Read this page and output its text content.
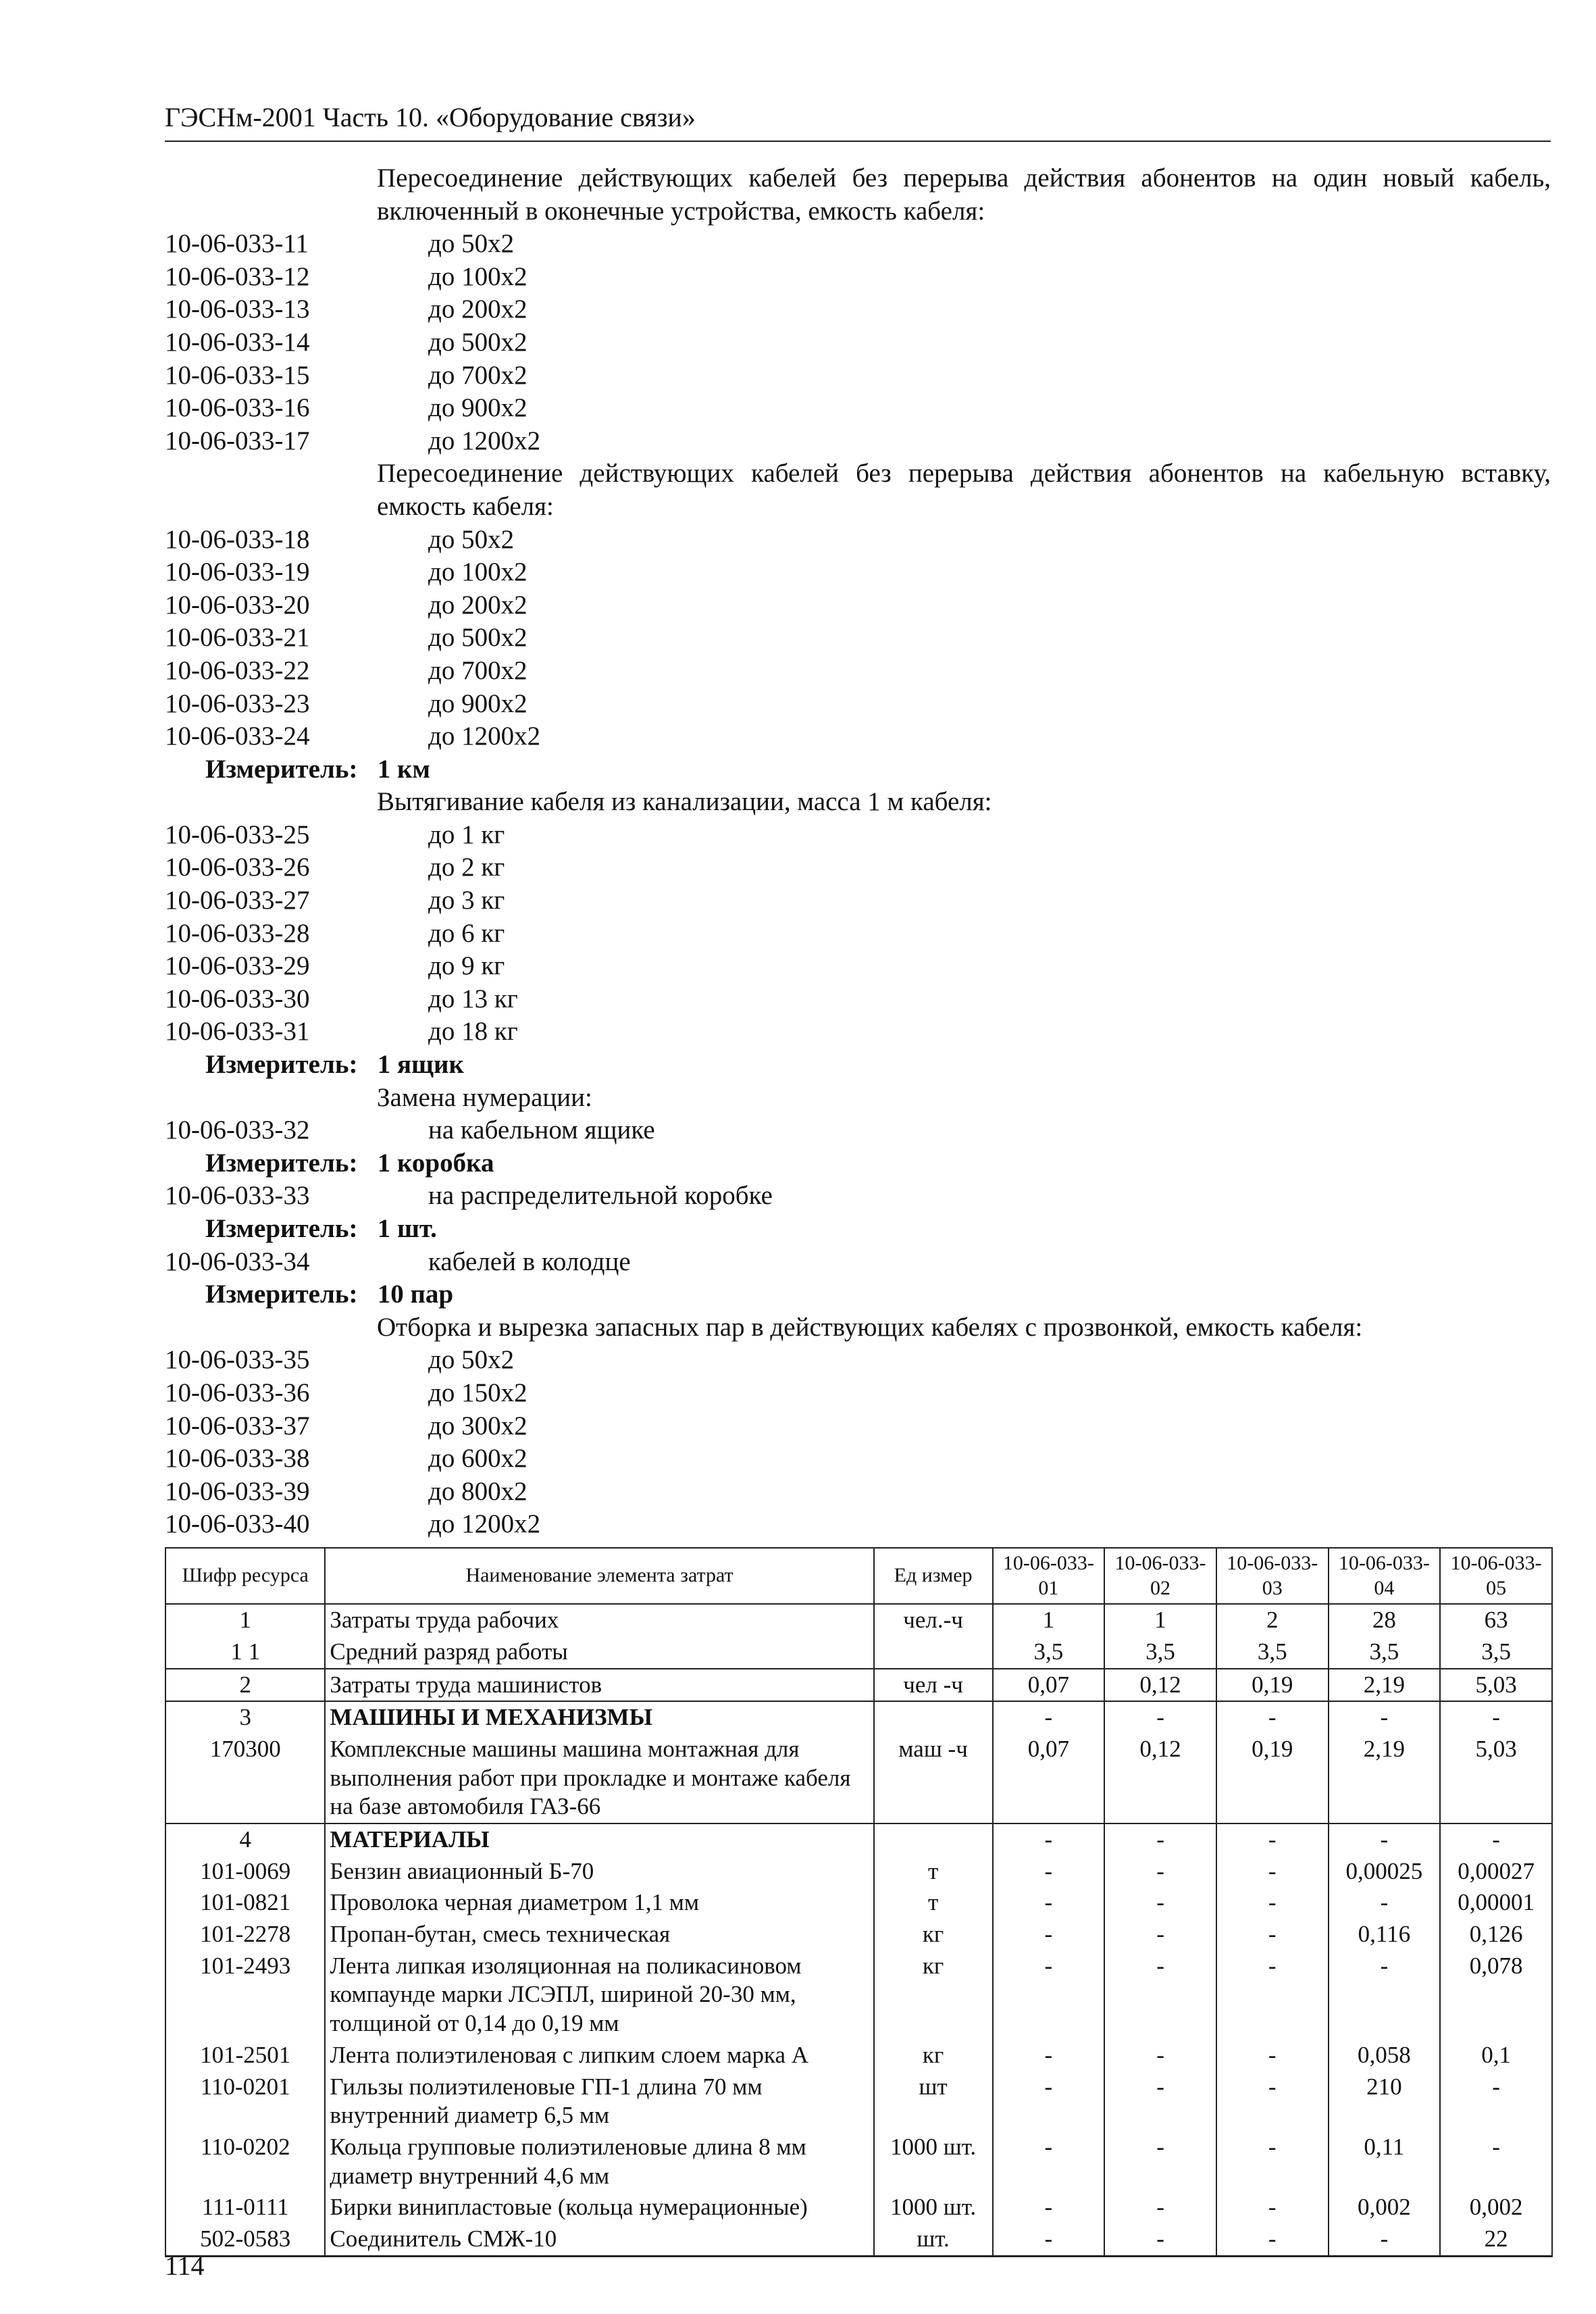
ГЭСНм-2001 Часть 10. «Оборудование связи»
Пересоединение действующих кабелей без перерыва действия абонентов на один новый кабель, включенный в оконечные устройства, емкость кабеля:
10-06-033-11	до 50x2
10-06-033-12	до 100x2
10-06-033-13	до 200x2
10-06-033-14	до 500x2
10-06-033-15	до 700x2
10-06-033-16	до 900x2
10-06-033-17	до 1200x2
Пересоединение действующих кабелей без перерыва действия абонентов на кабельную вставку, емкость кабеля:
10-06-033-18	до 50x2
10-06-033-19	до 100x2
10-06-033-20	до 200x2
10-06-033-21	до 500x2
10-06-033-22	до 700x2
10-06-033-23	до 900x2
10-06-033-24	до 1200x2
Измеритель:   1 км
Вытягивание кабеля из канализации, масса 1 м кабеля:
10-06-033-25	до 1 кг
10-06-033-26	до 2 кг
10-06-033-27	до 3 кг
10-06-033-28	до 6 кг
10-06-033-29	до 9 кг
10-06-033-30	до 13 кг
10-06-033-31	до 18 кг
Измеритель:   1 ящик
Замена нумерации:
10-06-033-32	на кабельном ящике
Измеритель:   1 коробка
10-06-033-33	на распределительной коробке
Измеритель:   1 шт.
10-06-033-34	кабелей в колодце
Измеритель:   10 пар
Отборка и вырезка запасных пар в действующих кабелях с прозвонкой, емкость кабеля:
10-06-033-35	до 50x2
10-06-033-36	до 150x2
10-06-033-37	до 300x2
10-06-033-38	до 600x2
10-06-033-39	до 800x2
10-06-033-40	до 1200x2
Шифр ресурса	Наименование элемента затрат	Ед измер	10-06-033-01	10-06-033-02	10-06-033-03	10-06-033-04	10-06-033-05
1	Затраты труда рабочих	чел.-ч	1	1	2	28	63
1 1	Средний разряд работы		3,5	3,5	3,5	3,5	3,5
2	Затраты труда машинистов	чел -ч	0,07	0,12	0,19	2,19	5,03
3	МАШИНЫ И МЕХАНИЗМЫ		-	-	-	-	-
170300	Комплексные машины машина монтажная для выполнения работ при прокладке и монтаже кабеля на базе автомобиля ГАЗ-66	маш -ч	0,07	0,12	0,19	2,19	5,03
4	МАТЕРИАЛЫ		-	-	-	-	-
101-0069	Бензин авиационный Б-70	т	-	-	-	0,00025	0,00027
101-0821	Проволока черная диаметром 1,1 мм	т	-	-	-	-	0,00001
101-2278	Пропан-бутан, смесь техническая	кг	-	-	-	0,116	0,126
101-2493	Лента липкая изоляционная на поликасиновом компаунде марки ЛСЭПЛ, шириной 20-30 мм, толщиной от 0,14 до 0,19 мм	кг	-	-	-	-	0,078
101-2501	Лента полиэтиленовая с липким слоем марка А	кг	-	-	-	0,058	0,1
110-0201	Гильзы полиэтиленовые ГП-1 длина 70 мм внутренний диаметр 6,5 мм	шт	-	-	-	210	-
110-0202	Кольца групповые полиэтиленовые длина 8 мм диаметр внутренний 4,6 мм	1000 шт.	-	-	-	0,11	-
111-0111	Бирки винипластовые (кольца нумерационные)	1000 шт.	-	-	-	0,002	0,002
502-0583	Соединитель СМЖ-10	шт.	-	-	-	-	22
114
